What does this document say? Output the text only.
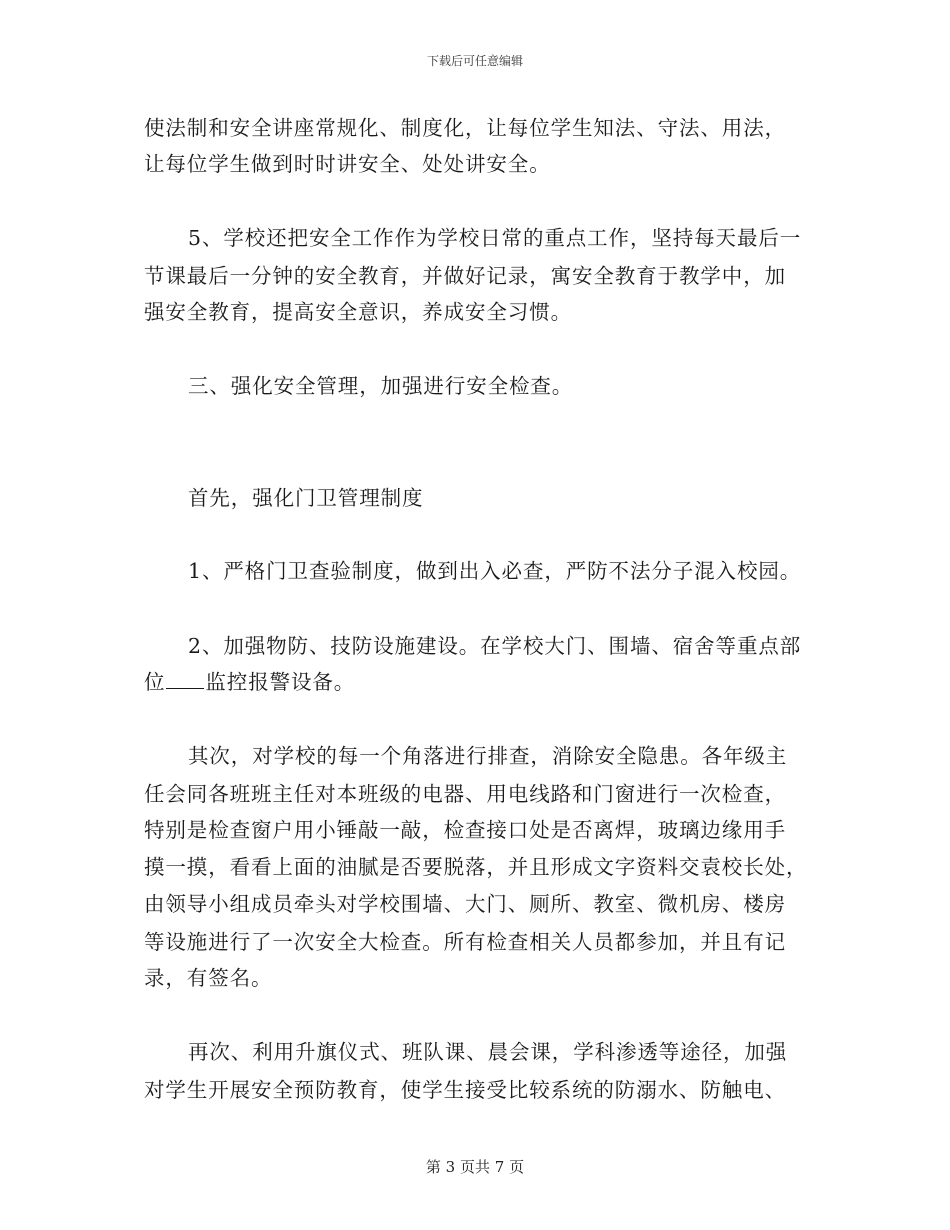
下载后可任意编辑
使法制和安全讲座常规化、制度化，让每位学生知法、守法、用法，
让每位学生做到时时讲安全、处处讲安全。
5、学校还把安全工作作为学校日常的重点工作，坚持每天最后一
节课最后一分钟的安全教育，并做好记录，寓安全教育于教学中，加
强安全教育，提高安全意识，养成安全习惯。
三、强化安全管理，加强进行安全检查。
首先，强化门卫管理制度
1、严格门卫查验制度，做到出入必查，严防不法分子混入校园。
2、加强物防、技防设施建设。在学校大门、围墙、宿舍等重点部
位 监控报警设备。
其次，对学校的每一个角落进行排查，消除安全隐患。各年级主
任会同各班班主任对本班级的电器、用电线路和门窗进行一次检查，
特别是检查窗户用小锤敲一敲，检查接口处是否离焊，玻璃边缘用手
摸一摸，看看上面的油腻是否要脱落，并且形成文字资料交袁校长处，
由领导小组成员牵头对学校围墙、大门、厕所、教室、微机房、楼房
等设施进行了一次安全大检查。所有检查相关人员都参加，并且有记
录，有签名。
再次、利用升旗仪式、班队课、晨会课，学科渗透等途径，加强
对学生开展安全预防教育，使学生接受比较系统的防溺水、防触电、
第 3 页共 7 页
